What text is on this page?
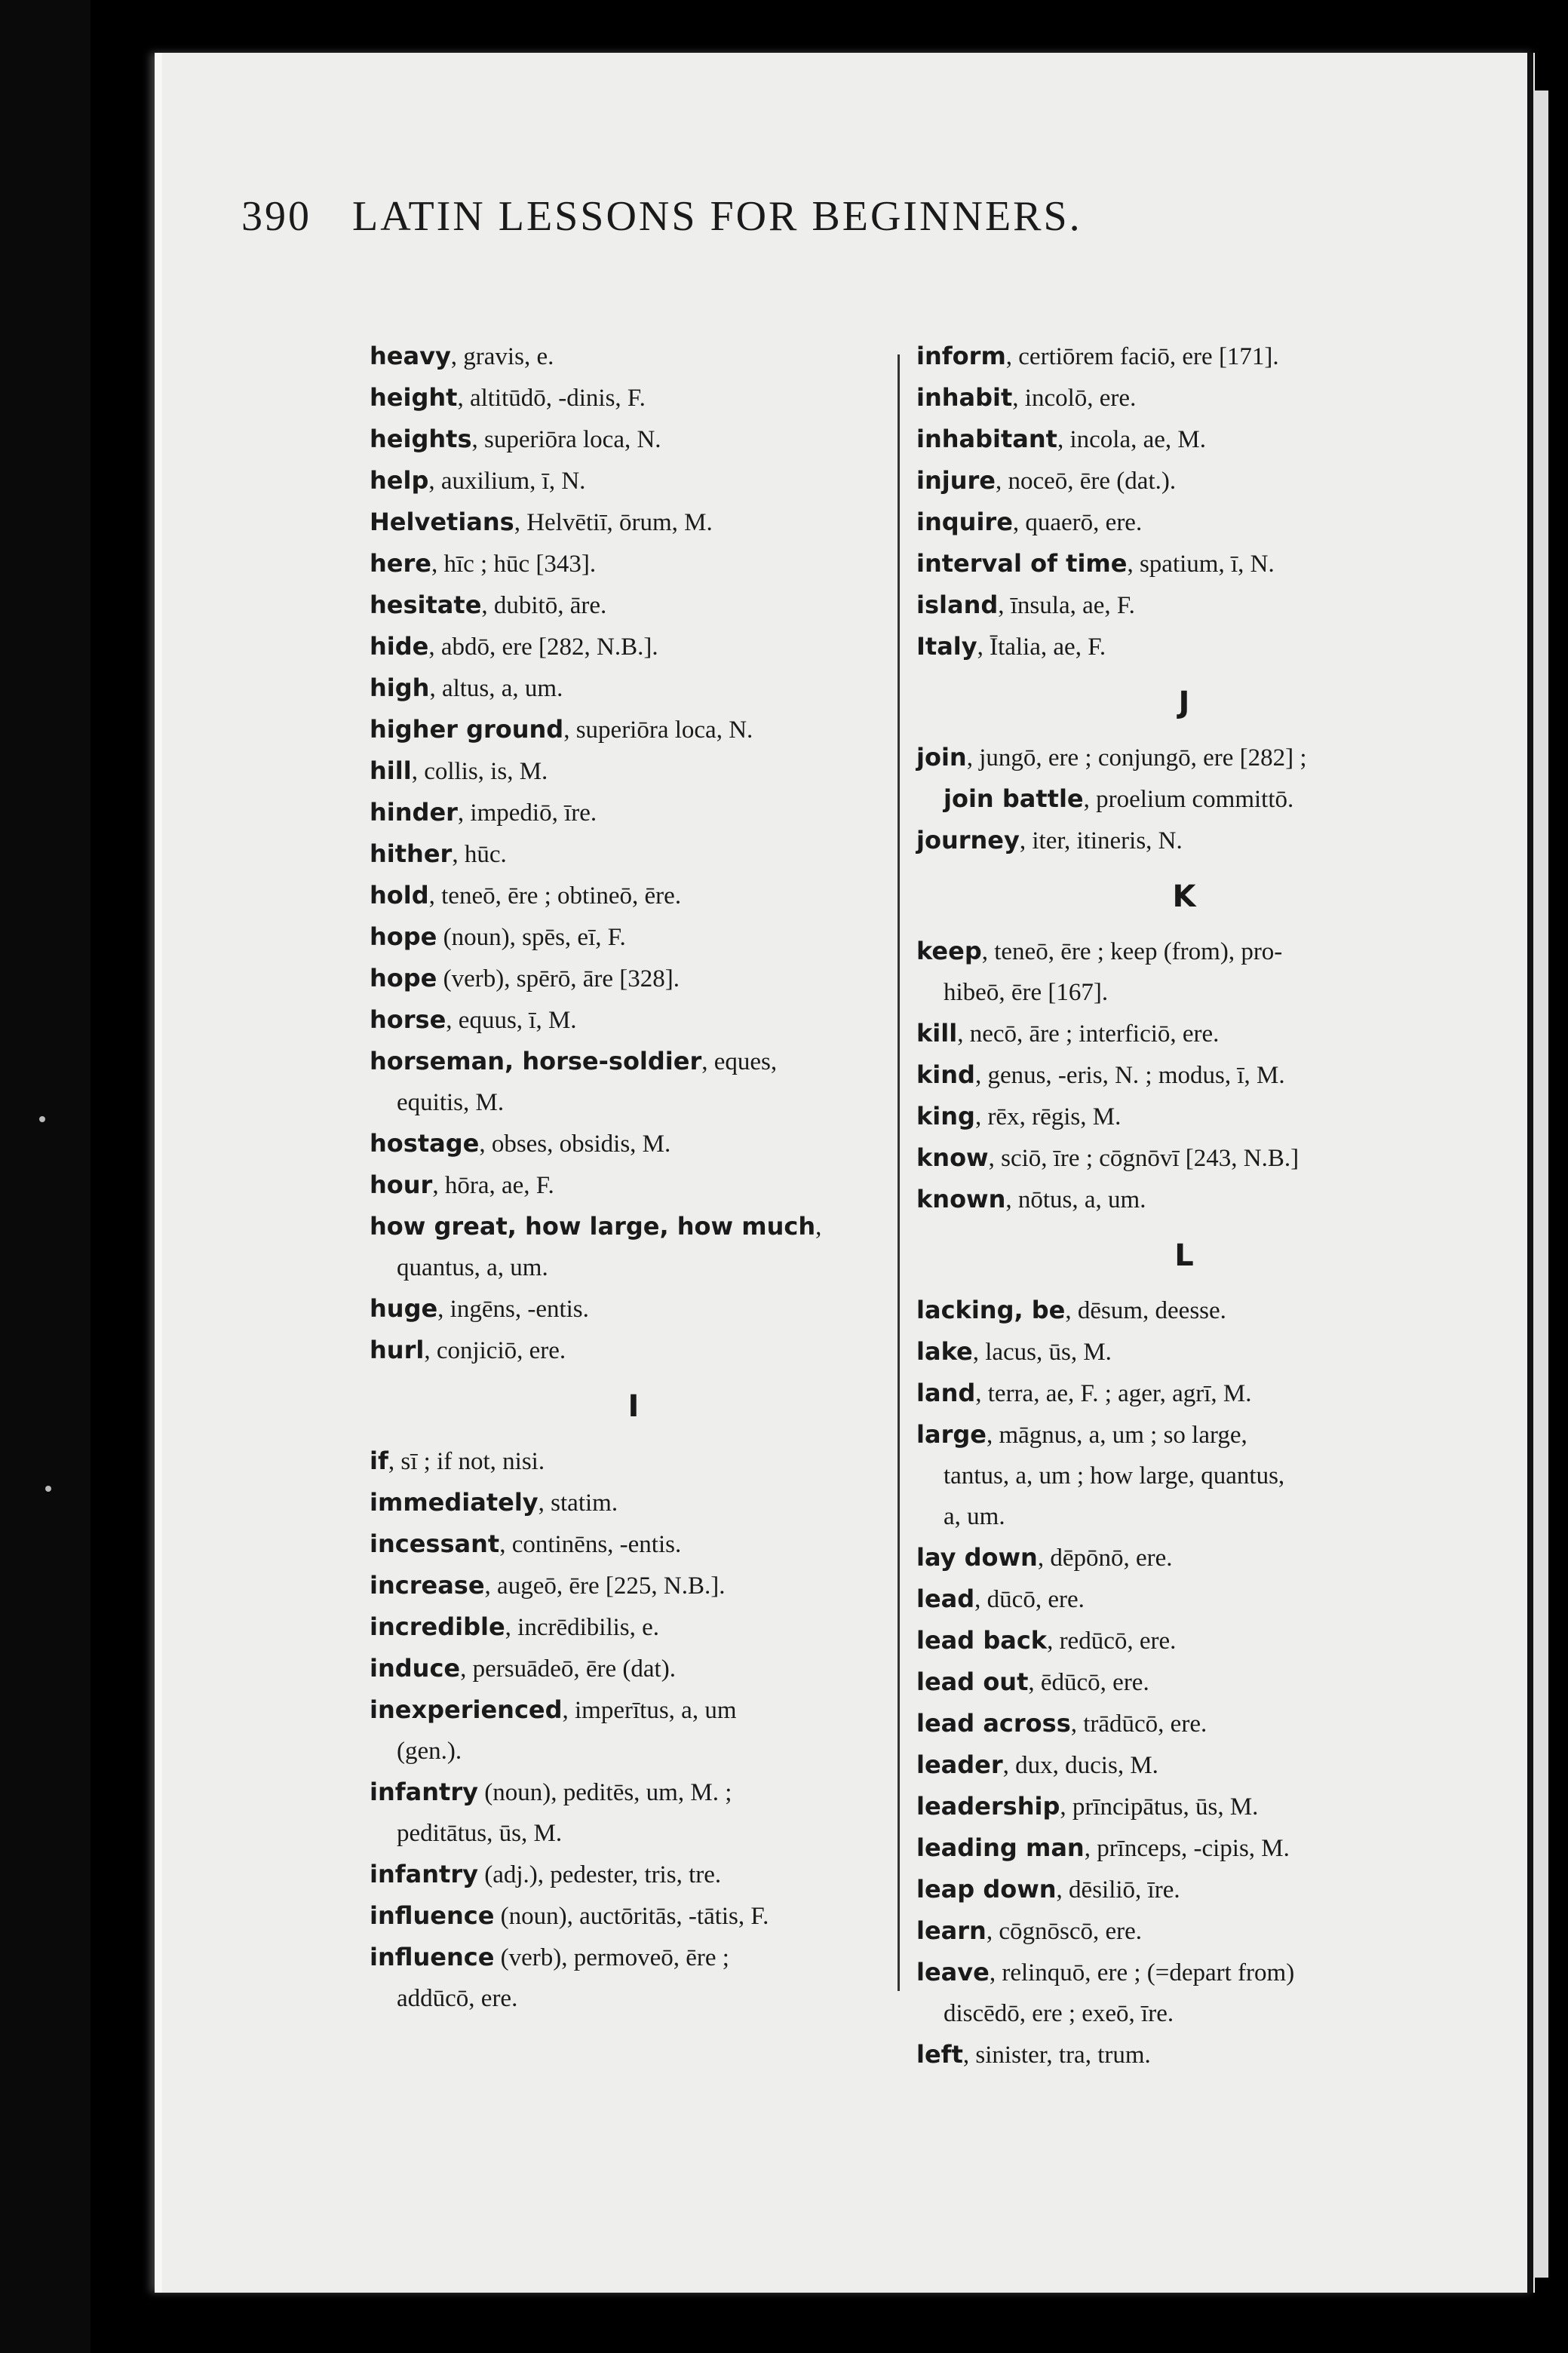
390 LATIN LESSONS FOR BEGINNERS.
heavy, gravis, e.
height, altitūdō, -dinis, F.
heights, superiōra loca, N.
help, auxilium, ī, N.
Helvetians, Helvētiī, ōrum, M.
here, hīc ; hūc [343].
hesitate, dubitō, āre.
hide, abdō, ere [282, N.B.].
high, altus, a, um.
higher ground, superiōra loca, N.
hill, collis, is, M.
hinder, impediō, īre.
hither, hūc.
hold, teneō, ēre ; obtineō, ēre.
hope (noun), spēs, eī, F.
hope (verb), spērō, āre [328].
horse, equus, ī, M.
horseman, horse-soldier, eques,
equitis, M.
hostage, obses, obsidis, M.
hour, hōra, ae, F.
how great, how large, how much,
quantus, a, um.
huge, ingēns, -entis.
hurl, conjiciō, ere.
I
if, sī ; if not, nisi.
immediately, statim.
incessant, continēns, -entis.
increase, augeō, ēre [225, N.B.].
incredible, incrēdibilis, e.
induce, persuādeō, ēre (dat).
inexperienced, imperītus, a, um
(gen.).
infantry (noun), peditēs, um, M. ;
peditātus, ūs, M.
infantry (adj.), pedester, tris, tre.
influence (noun), auctōritās, -tātis, F.
influence (verb), permoveō, ēre ;
addūcō, ere.
inform, certiōrem faciō, ere [171].
inhabit, incolō, ere.
inhabitant, incola, ae, M.
injure, noceō, ēre (dat.).
inquire, quaerō, ere.
interval of time, spatium, ī, N.
island, īnsula, ae, F.
Italy, Ītalia, ae, F.
J
join, jungō, ere ; conjungō, ere [282] ;
join battle, proelium committō.
journey, iter, itineris, N.
K
keep, teneō, ēre ; keep (from), pro-
hibeō, ēre [167].
kill, necō, āre ; interficiō, ere.
kind, genus, -eris, N. ; modus, ī, M.
king, rēx, rēgis, M.
know, sciō, īre ; cōgnōvī [243, N.B.]
known, nōtus, a, um.
L
lacking, be, dēsum, deesse.
lake, lacus, ūs, M.
land, terra, ae, F. ; ager, agrī, M.
large, māgnus, a, um ; so large,
tantus, a, um ; how large, quantus,
a, um.
lay down, dēpōnō, ere.
lead, dūcō, ere.
lead back, redūcō, ere.
lead out, ēdūcō, ere.
lead across, trādūcō, ere.
leader, dux, ducis, M.
leadership, prīncipātus, ūs, M.
leading man, prīnceps, -cipis, M.
leap down, dēsiliō, īre.
learn, cōgnōscō, ere.
leave, relinquō, ere ; (=depart from)
discēdō, ere ; exeō, īre.
left, sinister, tra, trum.
